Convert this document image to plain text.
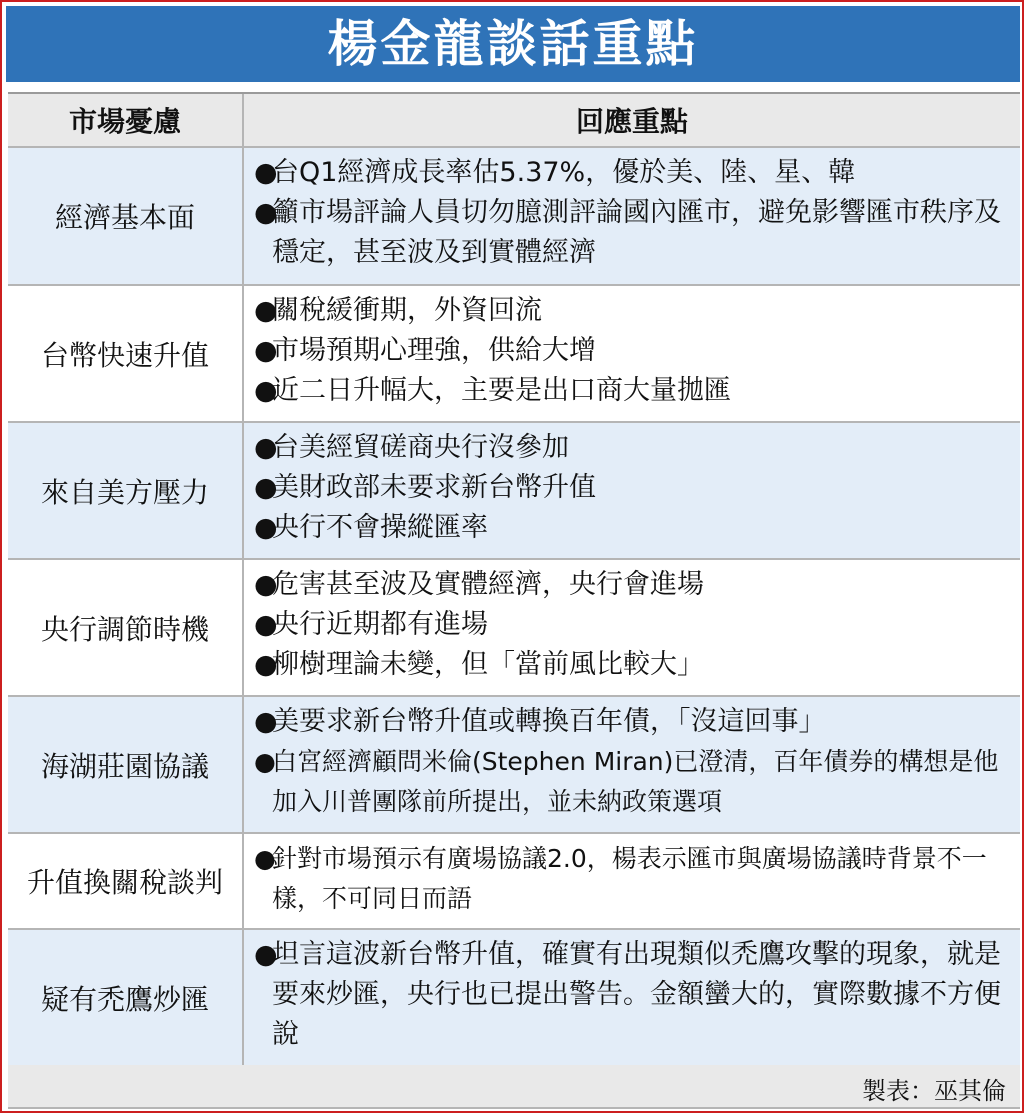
楊金龍談話重點
市場憂慮	回應重點
經濟基本面
●台Q1經濟成長率估5.37%，優於美、陸、星、韓
●籲市場評論人員切勿臆測評論國內匯市，避免影響匯市秩序及穩定，甚至波及到實體經濟
台幣快速升值
●關稅緩衝期，外資回流
●市場預期心理強，供給大增
●近二日升幅大，主要是出口商大量拋匯
來自美方壓力
●台美經貿磋商央行沒參加
●美財政部未要求新台幣升值
●央行不會操縱匯率
央行調節時機
●危害甚至波及實體經濟，央行會進場
●央行近期都有進場
●柳樹理論未變，但「當前風比較大」
海湖莊園協議
●美要求新台幣升值或轉換百年債，「沒這回事」
●白宮經濟顧問米倫(Stephen Miran)已澄清，百年債券的構想是他加入川普團隊前所提出，並未納政策選項
升值換關稅談判
●針對市場預示有廣場協議2.0，楊表示匯市與廣場協議時背景不一樣，不可同日而語
疑有禿鷹炒匯
●坦言這波新台幣升值，確實有出現類似禿鷹攻擊的現象，就是要來炒匯，央行也已提出警告。金額蠻大的，實際數據不方便說
製表：巫其倫
